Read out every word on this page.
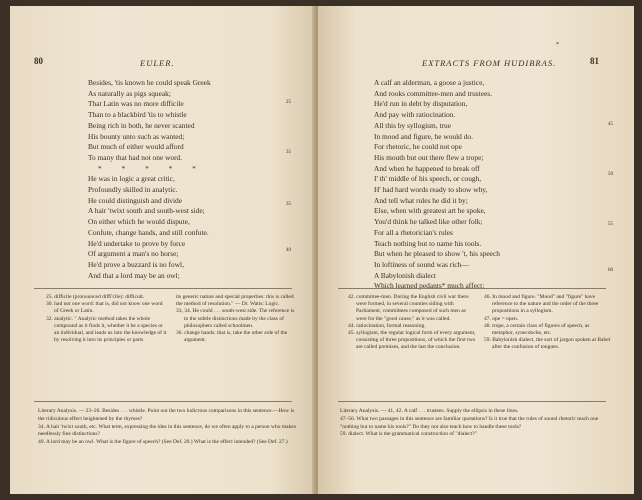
80	EULER.
Besides, 'tis known he could speak Greek
As naturally as pigs squeak;
That Latin was no more difficile
Than to a blackbird 'tis to whistle
Being rich in both, he never scanted
His bounty unto such as wanted;
But much of either would afford
To many that had not one word.
* * * * *
He was in logic a great critic,
Profoundly skilled in analytic.
He could distinguish and divide
A hair 'twixt south and south-west side;
On either which he would dispute,
Confute, change hands, and still confute.
He'd undertake to prove by force
Of argument a man's no horse;
He'd prove a buzzard is no fowl,
And that a lord may be an owl;
25
35
35
40
25. difficile (pronounced diffĭ'cĭle): difficult.
30. had not one word: that is, did not know one word of Greek or Latin.
32. analytic. " Analytic method takes the whole compound as it finds it, whether it be a species or an individual, and leads us into the knowledge of it by resolving it into its principles or parts
its generic nature and special properties: this is called the method of resolution." — Dr. Watts: Logic.
33, 34. He could . . . south-west side. The reference is to the subtle distinctions made by the class of philosophers called schoolmen.
36. change hands: that is, take the other side of the argument.
Literary Analysis. — 23–26. Besides . . . whistle. Point out the two ludicrous comparisons in this sentence.—How is the ridiculous effect heightened by the rhymes?
34. A hair 'twixt south, etc. What term, expressing the idea in this sentence, do we often apply to a person who makes needlessly fine distinctions?
40. A lord may be an owl. What is the figure of speech? (See Def. 20.) What is the effect intended? (See Def. 27.)
EXTRACTS FROM HUDIBRAS.	81
A calf an alderman, a goose a justice,
And rooks committee-men and trustees.
He'd run in debt by disputation,
And pay with ratiocination.
All this by syllogism, true
In mood and figure, he would do.
For rhetoric, he could not ope
His mouth but out there flew a trope;
And when he happened to break off
I' th' middle of his speech, or cough,
H' had hard words ready to show why,
And tell what rules he did it by;
Else, when with greatest art he spoke,
You'd think he talked like other folk;
For all a rhetorician's rules
Teach nothing but to name his tools.
But when he pleased to show 't, his speech
In loftiness of sound was rich—
A Babylonish dialect
Which learned pedants* much affect:
45
50
55
60
42. committee-men. During the English civil war there were formed, in several counties siding with Parliament, committees composed of such men as were for the "good cause," as it was called.
44. ratiocination, formal reasoning.
45. syllogism, the regular logical form of every argument, consisting of three propositions, of which the first two are called premises, and the last the conclusion.
46. In mood and figure. "Mood" and "figure" have reference to the nature and the order of the three propositions in a syllogism.
47. ope = open.
48. trope, a certain class of figures of speech, as metaphor, synecdoche, etc.
59. Babylonish dialect, the sort of jargon spoken at Babel after the confusion of tongues.
Literary Analysis. — 41, 42. A calf . . . trustees. Supply the ellipsis in these lines.
47–56. What two passages in this sentence are familiar quotations? Is it true that the rules of sound rhetoric teach one "nothing but to name his tools?" Do they not also teach how to handle these tools?
59. dialect. What is the grammatical construction of "dialect?"
*
